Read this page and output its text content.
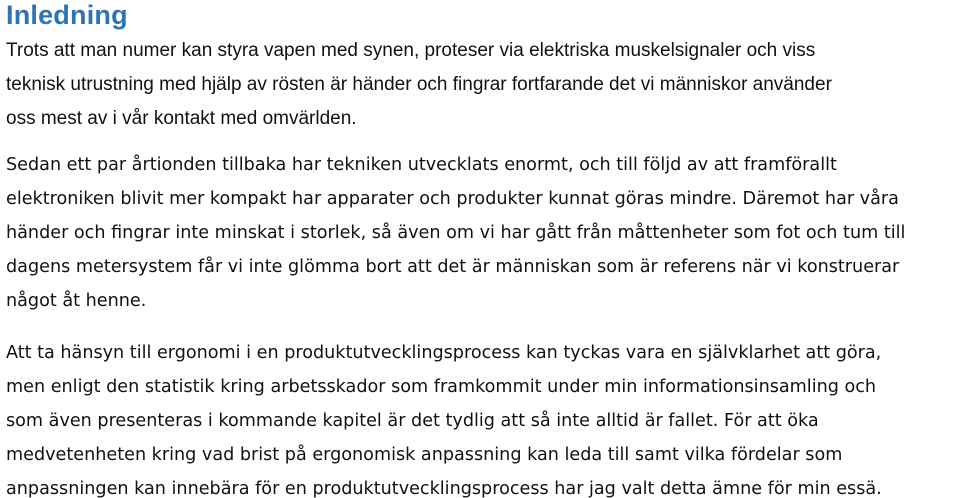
Inledning

Trots att man numer kan styra vapen med synen, proteser via elektriska muskelsignaler och viss
teknisk utrustning med hjälp av rösten är händer och fingrar fortfarande det vi människor använder
oss mest av i vår kontakt med omvärlden.

Sedan ett par årtionden tillbaka har tekniken utvecklats enormt, och till följd av att framförallt
elektroniken blivit mer kompakt har apparater och produkter kunnat göras mindre. Däremot har våra
händer och fingrar inte minskat i storlek, så även om vi har gått från måttenheter som fot och tum till
dagens metersystem får vi inte glömma bort att det är människan som är referens när vi konstruerar
något åt henne.

Att ta hänsyn till ergonomi i en produktutvecklingsprocess kan tyckas vara en självklarhet att göra,
men enligt den statistik kring arbetsskador som framkommit under min informationsinsamling och
som även presenteras i kommande kapitel är det tydlig att så inte alltid är fallet. För att öka
medvetenheten kring vad brist på ergonomisk anpassning kan leda till samt vilka fördelar som
anpassningen kan innebära för en produktutvecklingsprocess har jag valt detta ämne för min essä.
